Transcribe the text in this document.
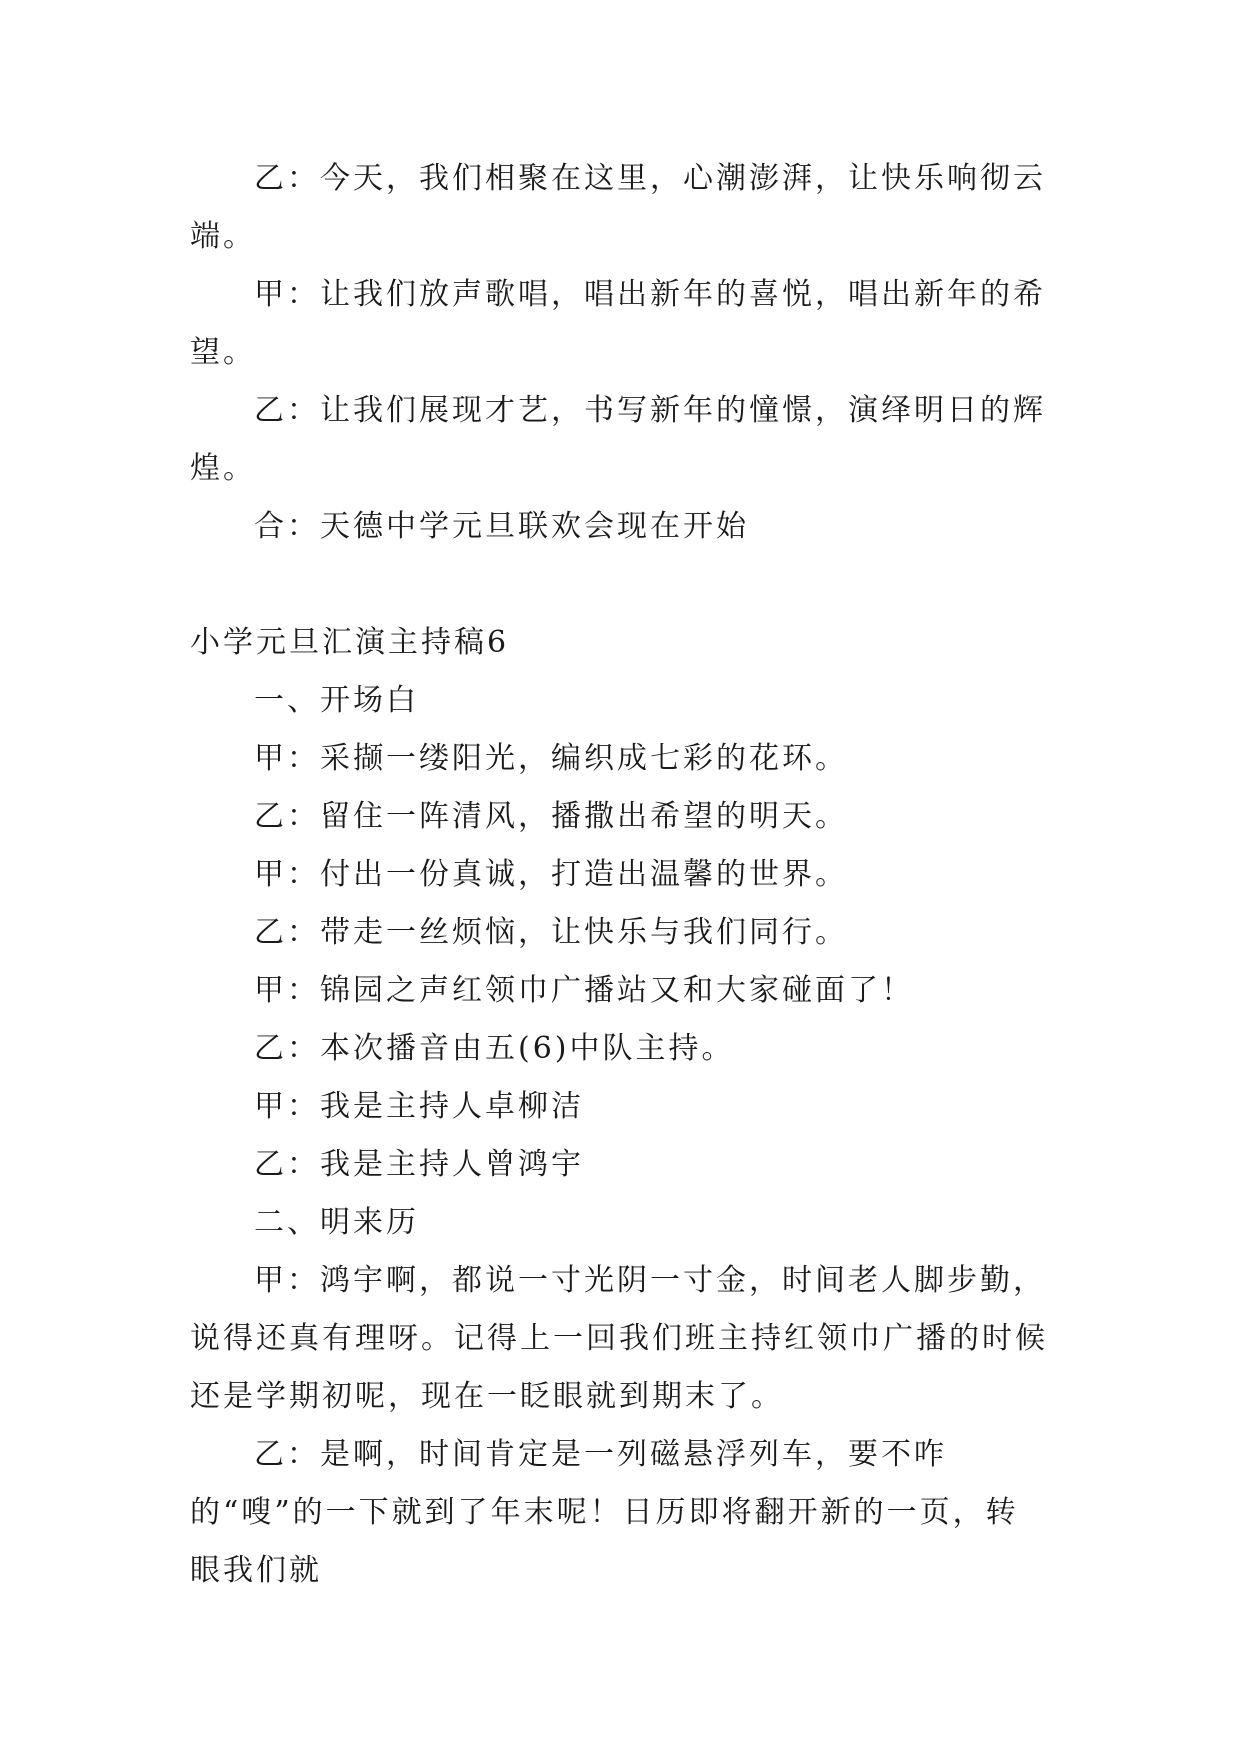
乙：今天，我们相聚在这里，心潮澎湃，让快乐响彻云端。

甲：让我们放声歌唱，唱出新年的喜悦，唱出新年的希望。

乙：让我们展现才艺，书写新年的憧憬，演绎明日的辉煌。

合：天德中学元旦联欢会现在开始

小学元旦汇演主持稿6

一、开场白

甲：采撷一缕阳光，编织成七彩的花环。

乙：留住一阵清风，播撒出希望的明天。

甲：付出一份真诚，打造出温馨的世界。

乙：带走一丝烦恼，让快乐与我们同行。

甲：锦园之声红领巾广播站又和大家碰面了！

乙：本次播音由五(6)中队主持。

甲：我是主持人卓柳洁

乙：我是主持人曾鸿宇

二、明来历

甲：鸿宇啊，都说一寸光阴一寸金，时间老人脚步勤，说得还真有理呀。记得上一回我们班主持红领巾广播的时候还是学期初呢，现在一眨眼就到期末了。

乙：是啊，时间肯定是一列磁悬浮列车，要不咋的“嗖”的一下就到了年末呢！日历即将翻开新的一页，转眼我们就
